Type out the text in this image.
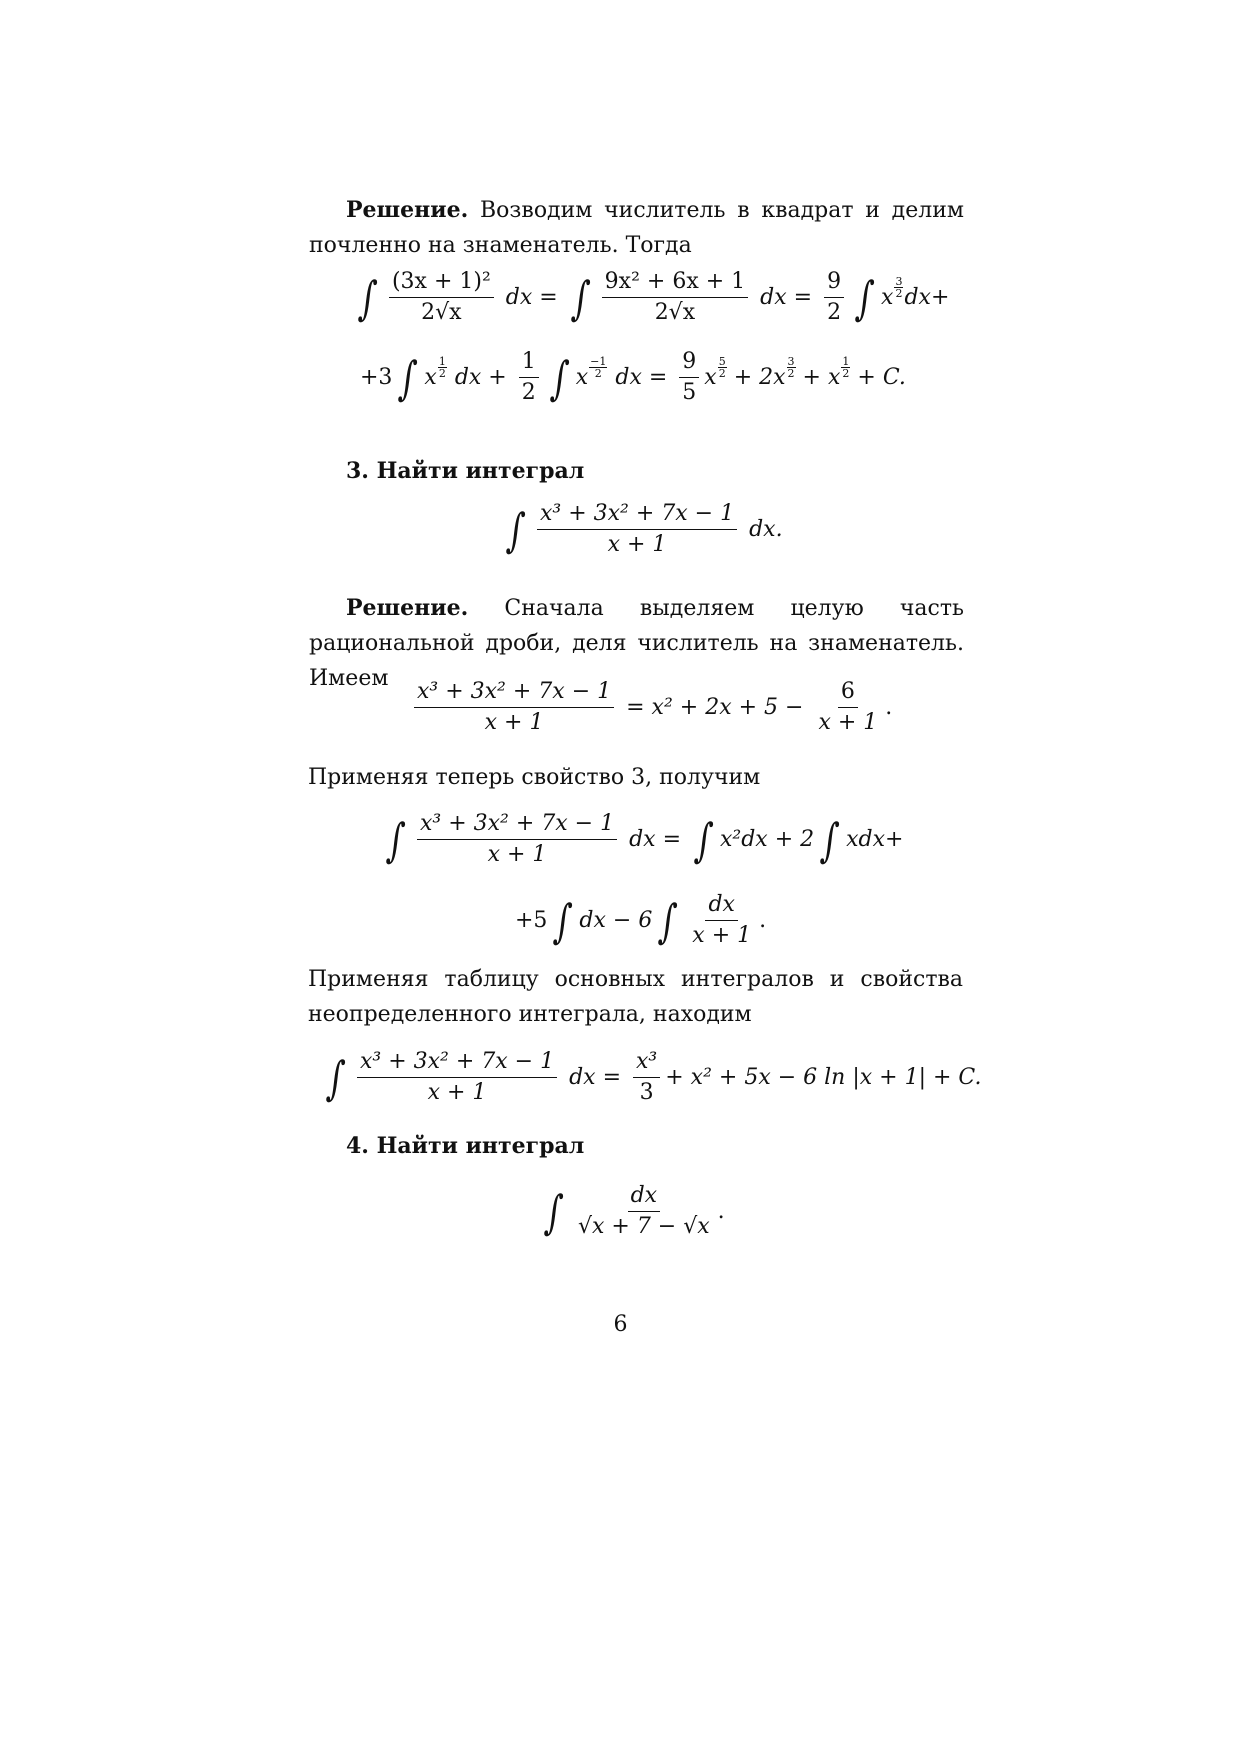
Решение. Возводим числитель в квадрат и делим почленно на знаменатель. Тогда
∫ $\frac{\text{(3x + 1)²}}{2√x}$ dx = ∫ $\frac{\text{9x² + 6x + 1}}{2√x}$ dx = $\frac{9}{2}$ ∫ x $\frac{3}{2} dx+$
+3 ∫ x $\frac{1}{2}$ dx + $\frac{1}{2}$ ∫ x $\frac{-1}{2}$ dx = $\frac{9}{5}$ x $\frac{5}{2} + 2x \frac{3}{2} + x \frac{1}{2} + C$.
3. Найти интеграл
∫ $\frac{\text{x³ + 3x² + 7x − 1}}{x + 1}$ dx.
Решение. Сначала выделяем целую часть рациональной дроби, деля числитель на знаменатель. Имеем
$\frac{\text{x³ + 3x² + 7x − 1}}{x + 1} = x^2 + 2x + 5 - \frac{6}{x + 1}$ .
Применяя теперь свойство 3, получим
∫ $\frac{\text{x³ + 3x² + 7x − 1}}{x + 1}$ dx = ∫ x²dx + 2 ∫ xdx+
+5 ∫ dx − 6 ∫ $\frac{dx}{x + 1}$ .
Применяя таблицу основных интегралов и свойства неопределенного интеграла, находим
∫ $\frac{\text{x³ + 3x² + 7x − 1}}{x + 1}$ dx = $\frac{\text{x³}}{3} + x^2 + 5x - 6$ ln |x + 1| + C.
4. Найти интеграл
∫ $\frac{dx}{√x + 7 - √x}$ .
6
